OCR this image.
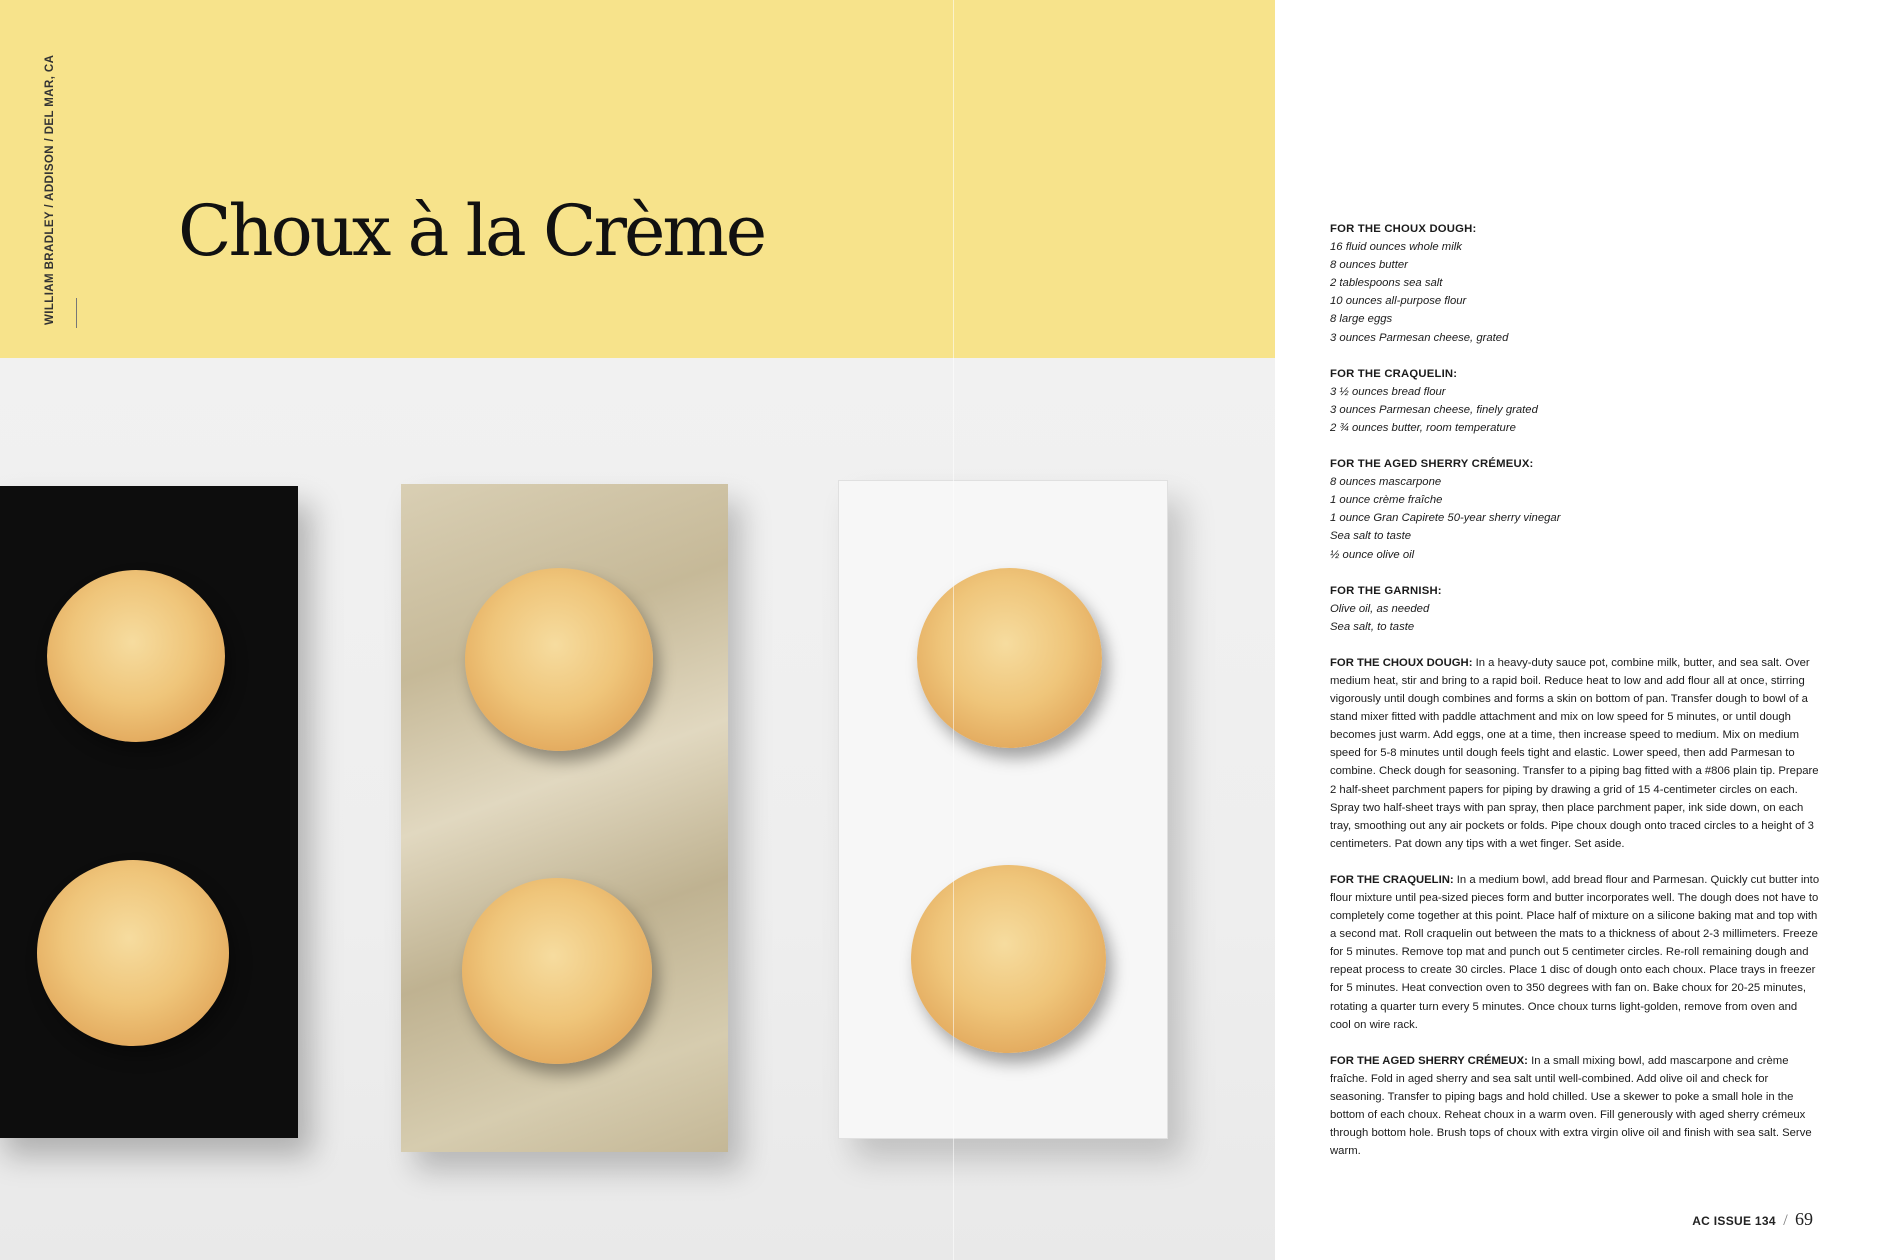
WILLIAM BRADLEY / ADDISON / DEL MAR, CA Choux à la Crème	FOR THE CHOUX DOUGH:
16 fluid ounces whole milk
8 ounces butter
2 tablespoons sea salt
10 ounces all-purpose flour
8 large eggs
3 ounces Parmesan cheese, grated
FOR THE CRAQUELIN:
3 ½ ounces bread flour
3 ounces Parmesan cheese, finely grated
2 ¾ ounces butter, room temperature
FOR THE AGED SHERRY CRÉMEUX:
8 ounces mascarpone
1 ounce crème fraîche
1 ounce Gran Capirete 50-year sherry vinegar
Sea salt to taste
½ ounce olive oil
FOR THE GARNISH:
Olive oil, as needed
Sea salt, to taste

FOR THE CHOUX DOUGH: In a heavy-duty sauce pot, combine milk, butter, and sea salt. Over medium heat, stir and bring to a rapid boil. Reduce heat to low and add flour all at once, stirring vigorously until dough combines and forms a skin on bottom of pan. Transfer dough to bowl of a stand mixer fitted with paddle attachment and mix on low speed for 5 minutes, or until dough becomes just warm. Add eggs, one at a time, then increase speed to medium. Mix on medium speed for 5-8 minutes until dough feels tight and elastic. Lower speed, then add Parmesan to combine. Check dough for seasoning. Transfer to a piping bag fitted with a #806 plain tip. Prepare 2 half-sheet parchment papers for piping by drawing a grid of 15 4-centimeter circles on each. Spray two half-sheet trays with pan spray, then place parchment paper, ink side down, on each tray, smoothing out any air pockets or folds. Pipe choux dough onto traced circles to a height of 3 centimeters. Pat down any tips with a wet finger. Set aside.

FOR THE CRAQUELIN: In a medium bowl, add bread flour and Parmesan. Quickly cut butter into flour mixture until pea-sized pieces form and butter incorporates well. The dough does not have to completely come together at this point. Place half of mixture on a silicone baking mat and top with a second mat. Roll craquelin out between the mats to a thickness of about 2-3 millimeters. Freeze for 5 minutes. Remove top mat and punch out 5 centimeter circles. Re-roll remaining dough and repeat process to create 30 circles. Place 1 disc of dough onto each choux. Place trays in freezer for 5 minutes. Heat convection oven to 350 degrees with fan on. Bake choux for 20-25 minutes, rotating a quarter turn every 5 minutes. Once choux turns light-golden, remove from oven and cool on wire rack.

FOR THE AGED SHERRY CRÉMEUX: In a small mixing bowl, add mascarpone and crème fraîche. Fold in aged sherry and sea salt until well-combined. Add olive oil and check for seasoning. Transfer to piping bags and hold chilled. Use a skewer to poke a small hole in the bottom of each choux. Reheat choux in a warm oven. Fill generously with aged sherry crémeux through bottom hole. Brush tops of choux with extra virgin olive oil and finish with sea salt. Serve warm.

AC ISSUE 134 / 69
